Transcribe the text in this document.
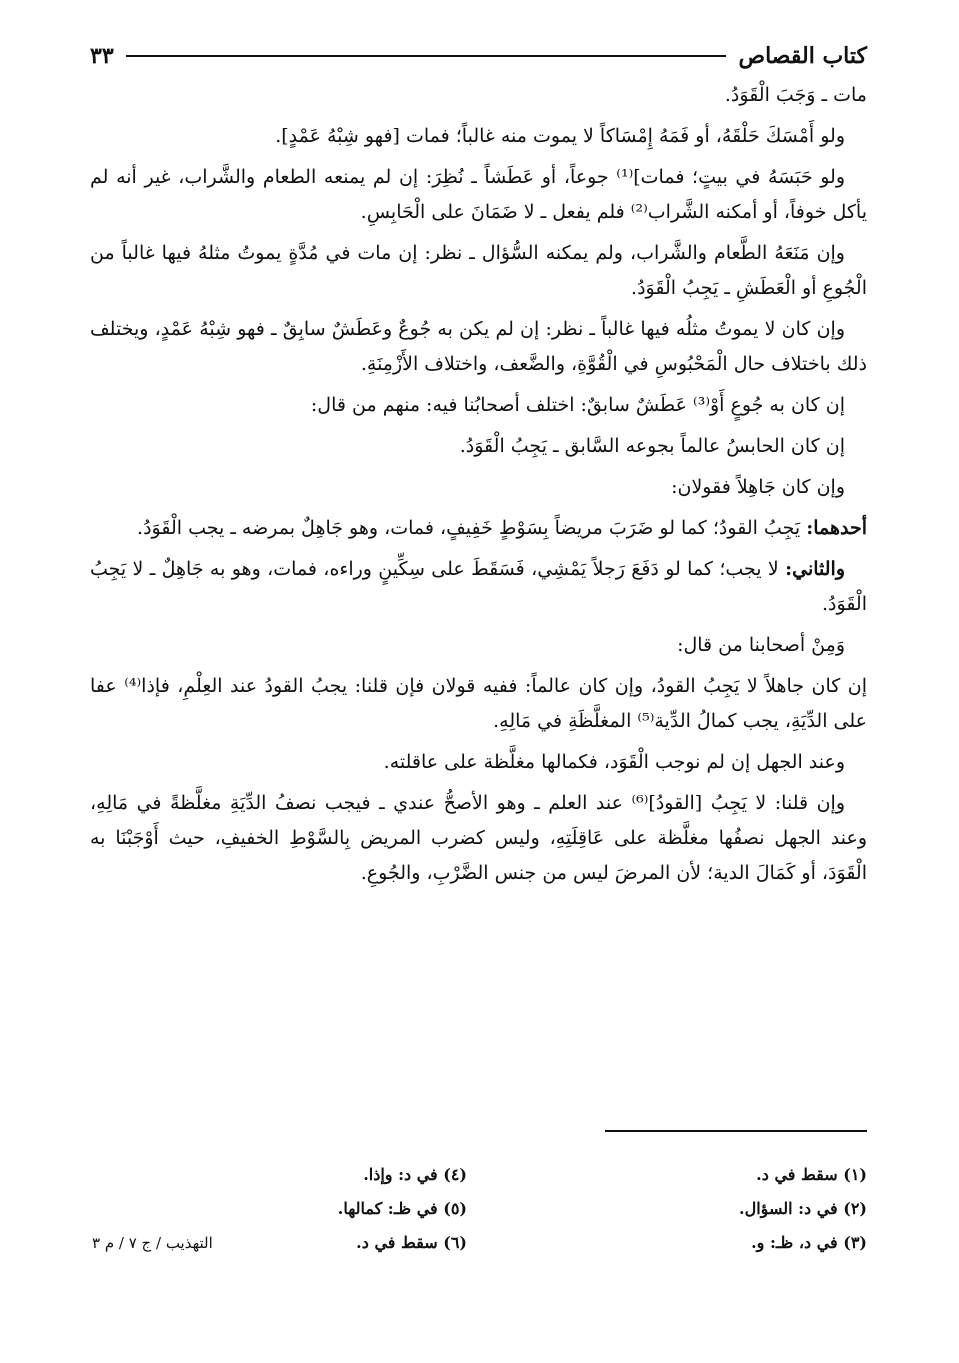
كتاب القصاص
٣٣

مات ـ وَجَبَ الْقَوَدُ.

ولو أَمْسَكَ حَلْقَهُ، أو فَمَهُ إِمْسَاكاً لا يموت منه غالباً؛ فمات [فهو شِبْهُ عَمْدٍ].

ولو حَبَسَهُ في بيتٍ؛ فمات]⁽¹⁾ جوعاً، أو عَطَشاً ـ نُظِرَ: إن لم يمنعه الطعام والشَّراب، غير أنه لم يأكل خوفاً، أو أمكنه الشَّراب⁽²⁾ فلم يفعل ـ لا ضَمَانَ على الْحَابِسِ.

وإن مَنَعَهُ الطَّعام والشَّراب، ولم يمكنه السُّؤال ـ نظر: إن مات في مُدَّةٍ يموتُ مثلهُ فيها غالباً من الْجُوعِ أو الْعَطَشِ ـ يَجِبُ الْقَوَدُ.

وإن كان لا يموتُ مثلُه فيها غالباً ـ نظر: إن لم يكن به جُوعٌ وعَطَشٌ سابِقٌ ـ فهو شِبْهُ عَمْدٍ، ويختلف ذلك باختلاف حال الْمَحْبُوسِ في الْقُوَّةِ، والضَّعف، واختلاف الأَزْمِنَةِ.

إن كان به جُوعٍ أَوْ⁽³⁾ عَطَشٌ سابقٌ: اختلف أصحابُنا فيه: منهم من قال:

إن كان الحابسُ عالماً بجوعه السَّابق ـ يَجِبُ الْقَوَدُ.

وإن كان جَاهِلاً فقولان:

أحدهما: يَجِبُ القودُ؛ كما لو ضَرَبَ مريضاً بِسَوْطٍ خَفِيفٍ، فمات، وهو جَاهِلٌ بمرضه ـ يجب الْقَوَدُ.

والثاني: لا يجب؛ كما لو دَفَعَ رَجلاً يَمْشِي، فَسَقَطَ على سِكِّينٍ وراءه، فمات، وهو به جَاهِلٌ ـ لا يَجِبُ الْقَوَدُ.

وَمِنْ أصحابنا من قال:

إن كان جاهلاً لا يَجِبُ القودُ، وإن كان عالماً: ففيه قولان فإن قلنا: يجبُ القودُ عند العِلْمِ، فإذا⁽⁴⁾ عفا على الدِّيَةِ، يجب كمالُ الدِّية⁽⁵⁾ المغلَّظَةِ في مَالِهِ.

وعند الجهل إن لم نوجب الْقَوَد، فكمالها مغلَّظة على عاقلته.

وإن قلنا: لا يَجِبُ [القودُ]⁽⁶⁾ عند العلم ـ وهو الأصحُّ عندي ـ فيجب نصفُ الدِّيَةِ مغلَّظةً في مَالِهِ، وعند الجهل نصفُها مغلَّظة على عَاقِلَتِهِ، وليس كضرب المريض بِالسَّوْطِ الخفيفِ، حيث أَوْجَبْنَا به الْقَوَدَ، أو كَمَالَ الدية؛ لأن المرضَ ليس من جنس الضَّرْبِ، والجُوعِ.

(١) سقط في د.
(٢) في د: السؤال.
(٣) في د، ظـ: و.
(٤) في د: وإذا.
(٥) في ظـ: كمالها.
(٦) سقط في د.
التهذيب / ج ٧ / م ٣
